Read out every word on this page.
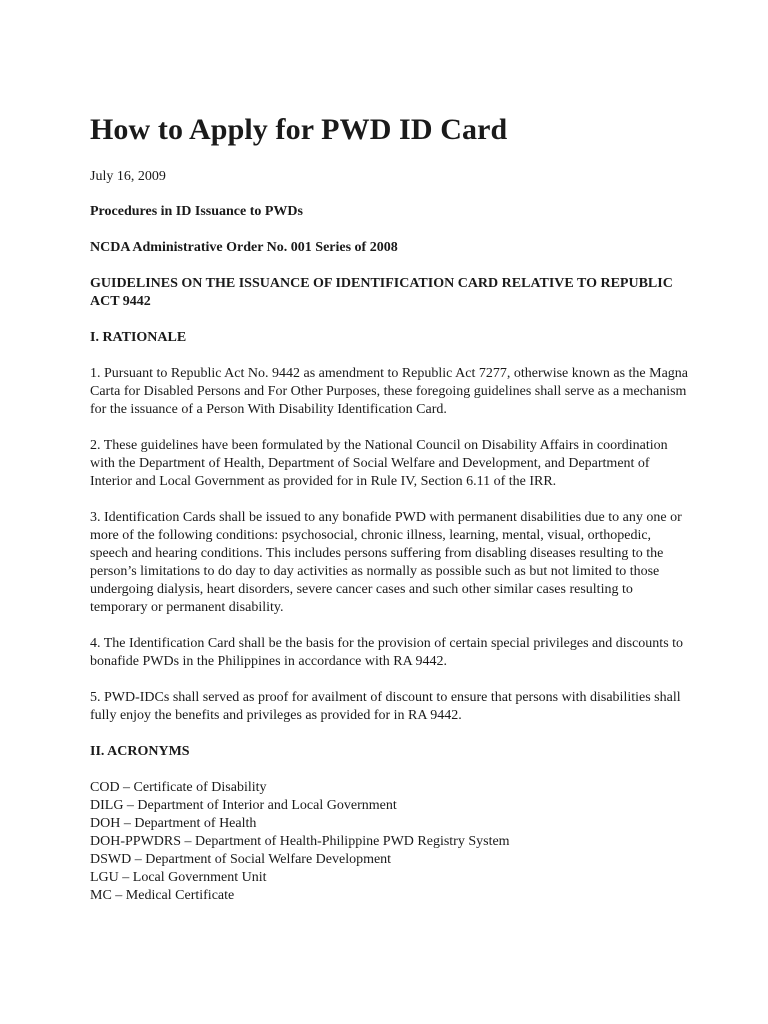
How to Apply for PWD ID Card

July 16, 2009

Procedures in ID Issuance to PWDs

NCDA Administrative Order No. 001 Series of 2008

GUIDELINES ON THE ISSUANCE OF IDENTIFICATION CARD RELATIVE TO REPUBLIC ACT 9442

I. RATIONALE

1. Pursuant to Republic Act No. 9442 as amendment to Republic Act 7277, otherwise known as the Magna Carta for Disabled Persons and For Other Purposes, these foregoing guidelines shall serve as a mechanism for the issuance of a Person With Disability Identification Card.

2. These guidelines have been formulated by the National Council on Disability Affairs in coordination with the Department of Health, Department of Social Welfare and Development, and Department of Interior and Local Government as provided for in Rule IV, Section 6.11 of the IRR.

3. Identification Cards shall be issued to any bonafide PWD with permanent disabilities due to any one or more of the following conditions: psychosocial, chronic illness, learning, mental, visual, orthopedic, speech and hearing conditions. This includes persons suffering from disabling diseases resulting to the person’s limitations to do day to day activities as normally as possible such as but not limited to those undergoing dialysis, heart disorders, severe cancer cases and such other similar cases resulting to temporary or permanent disability.

4. The Identification Card shall be the basis for the provision of certain special privileges and discounts to bonafide PWDs in the Philippines in accordance with RA 9442.

5. PWD-IDCs shall served as proof for availment of discount to ensure that persons with disabilities shall fully enjoy the benefits and privileges as provided for in RA 9442.

II. ACRONYMS

COD – Certificate of Disability
DILG – Department of Interior and Local Government
DOH – Department of Health
DOH-PPWDRS – Department of Health-Philippine PWD Registry System
DSWD – Department of Social Welfare Development
LGU – Local Government Unit
MC – Medical Certificate
